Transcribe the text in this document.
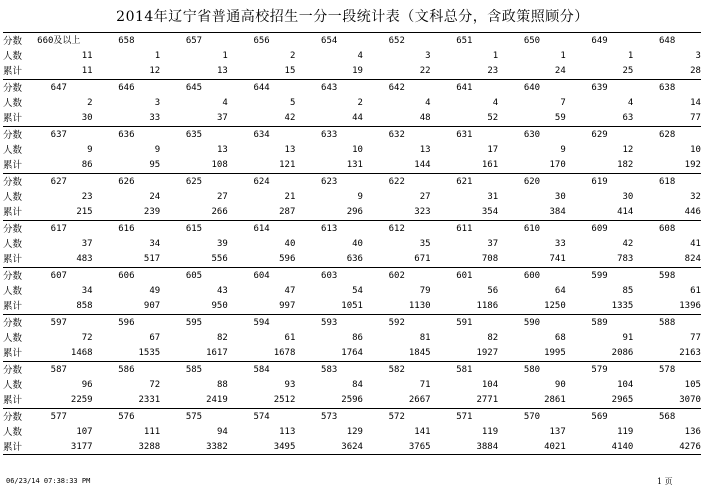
2014年辽宁省普通高校招生一分一段统计表（文科总分，含政策照顾分）
分数	660及以上	658	657	656	654	652	651	650	649	648
人数	11	1	1	2	4	3	1	1	1	3
累计	11	12	13	15	19	22	23	24	25	28
分数	647	646	645	644	643	642	641	640	639	638
人数	2	3	4	5	2	4	4	7	4	14
累计	30	33	37	42	44	48	52	59	63	77
分数	637	636	635	634	633	632	631	630	629	628
人数	9	9	13	13	10	13	17	9	12	10
累计	86	95	108	121	131	144	161	170	182	192
分数	627	626	625	624	623	622	621	620	619	618
人数	23	24	27	21	9	27	31	30	30	32
累计	215	239	266	287	296	323	354	384	414	446
分数	617	616	615	614	613	612	611	610	609	608
人数	37	34	39	40	40	35	37	33	42	41
累计	483	517	556	596	636	671	708	741	783	824
分数	607	606	605	604	603	602	601	600	599	598
人数	34	49	43	47	54	79	56	64	85	61
累计	858	907	950	997	1051	1130	1186	1250	1335	1396
分数	597	596	595	594	593	592	591	590	589	588
人数	72	67	82	61	86	81	82	68	91	77
累计	1468	1535	1617	1678	1764	1845	1927	1995	2086	2163
分数	587	586	585	584	583	582	581	580	579	578
人数	96	72	88	93	84	71	104	90	104	105
累计	2259	2331	2419	2512	2596	2667	2771	2861	2965	3070
分数	577	576	575	574	573	572	571	570	569	568
人数	107	111	94	113	129	141	119	137	119	136
累计	3177	3288	3382	3495	3624	3765	3884	4021	4140	4276
06/23/14 07:38:33 PM	1 页
